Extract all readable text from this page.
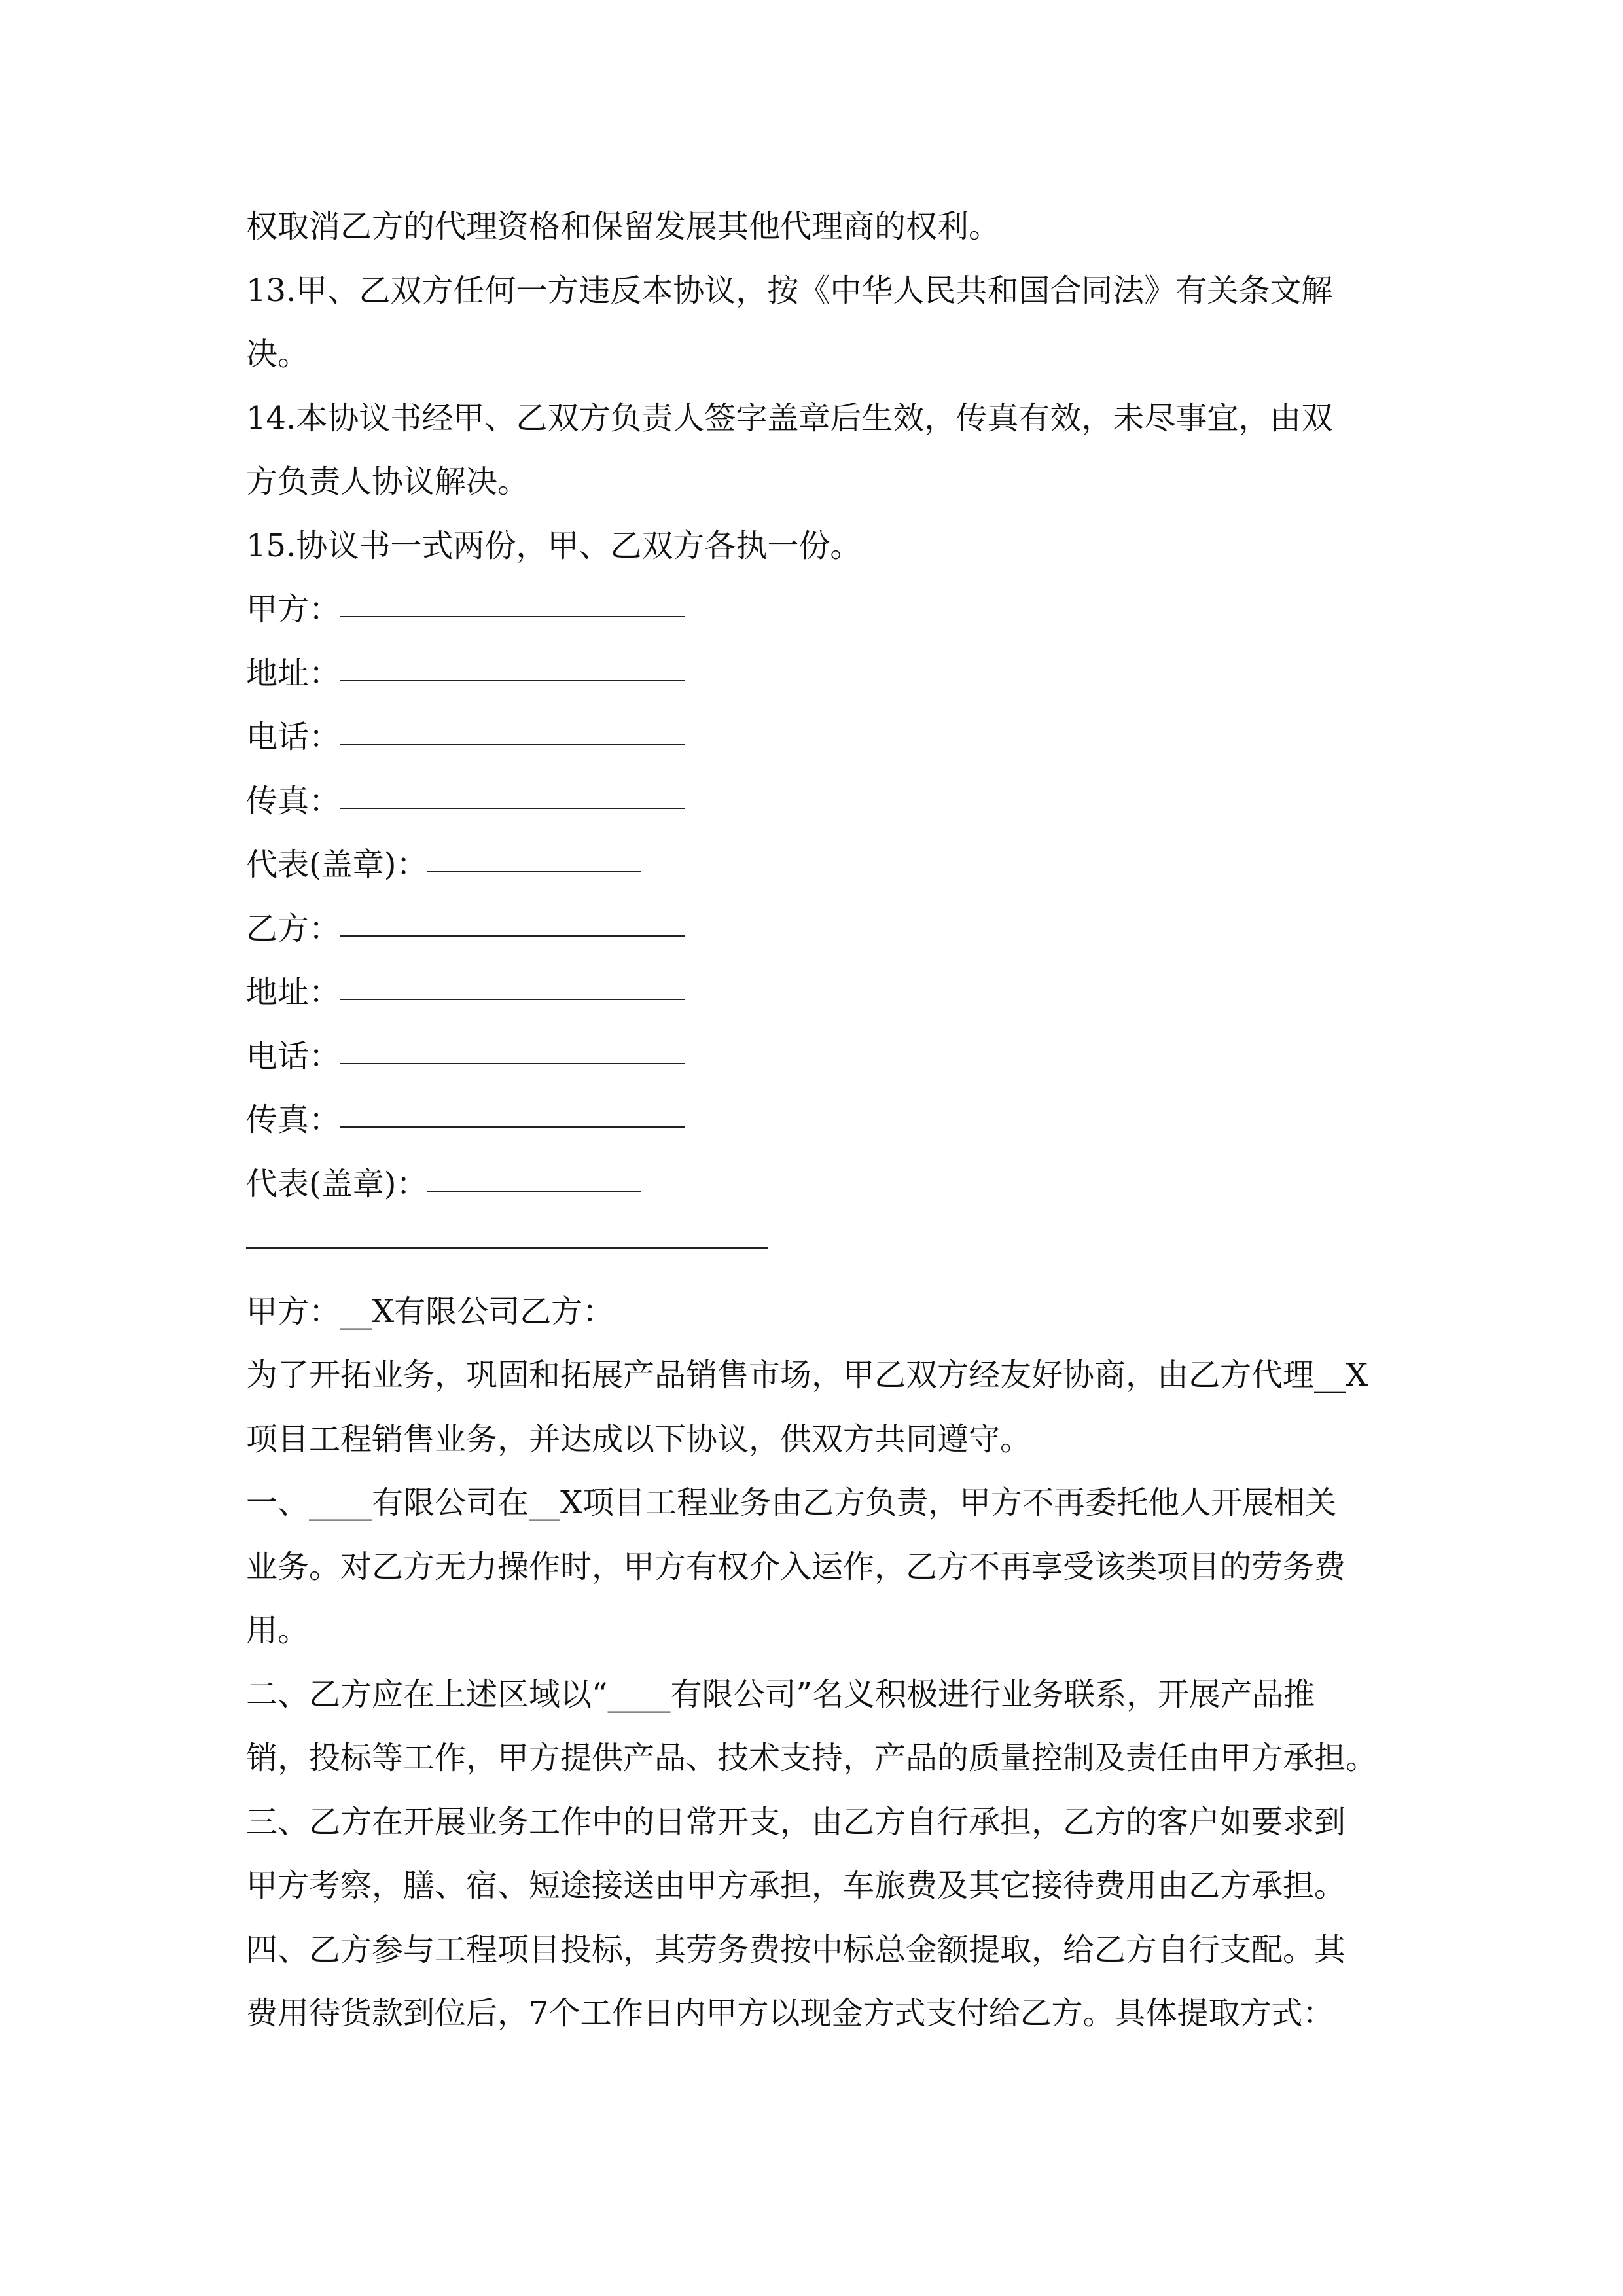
权取消乙方的代理资格和保留发展其他代理商的权利。
13.甲、乙双方任何一方违反本协议，按《中华人民共和国合同法》有关条文解
决。
14.本协议书经甲、乙双方负责人签字盖章后生效，传真有效，未尽事宜，由双
方负责人协议解决。
15.协议书一式两份，甲、乙双方各执一份。
甲方：
地址：
电话：
传真：
代表(盖章)：
乙方：
地址：
电话：
传真：
代表(盖章)：
甲方：__X有限公司乙方：
为了开拓业务，巩固和拓展产品销售市场，甲乙双方经友好协商，由乙方代理__X
项目工程销售业务，并达成以下协议，供双方共同遵守。
一、____有限公司在__X项目工程业务由乙方负责，甲方不再委托他人开展相关
业务。对乙方无力操作时，甲方有权介入运作，乙方不再享受该类项目的劳务费
用。
二、乙方应在上述区域以“____有限公司”名义积极进行业务联系，开展产品推
销，投标等工作，甲方提供产品、技术支持，产品的质量控制及责任由甲方承担。
三、乙方在开展业务工作中的日常开支，由乙方自行承担，乙方的客户如要求到
甲方考察，膳、宿、短途接送由甲方承担，车旅费及其它接待费用由乙方承担。
四、乙方参与工程项目投标，其劳务费按中标总金额提取，给乙方自行支配。其
费用待货款到位后，7个工作日内甲方以现金方式支付给乙方。具体提取方式：
